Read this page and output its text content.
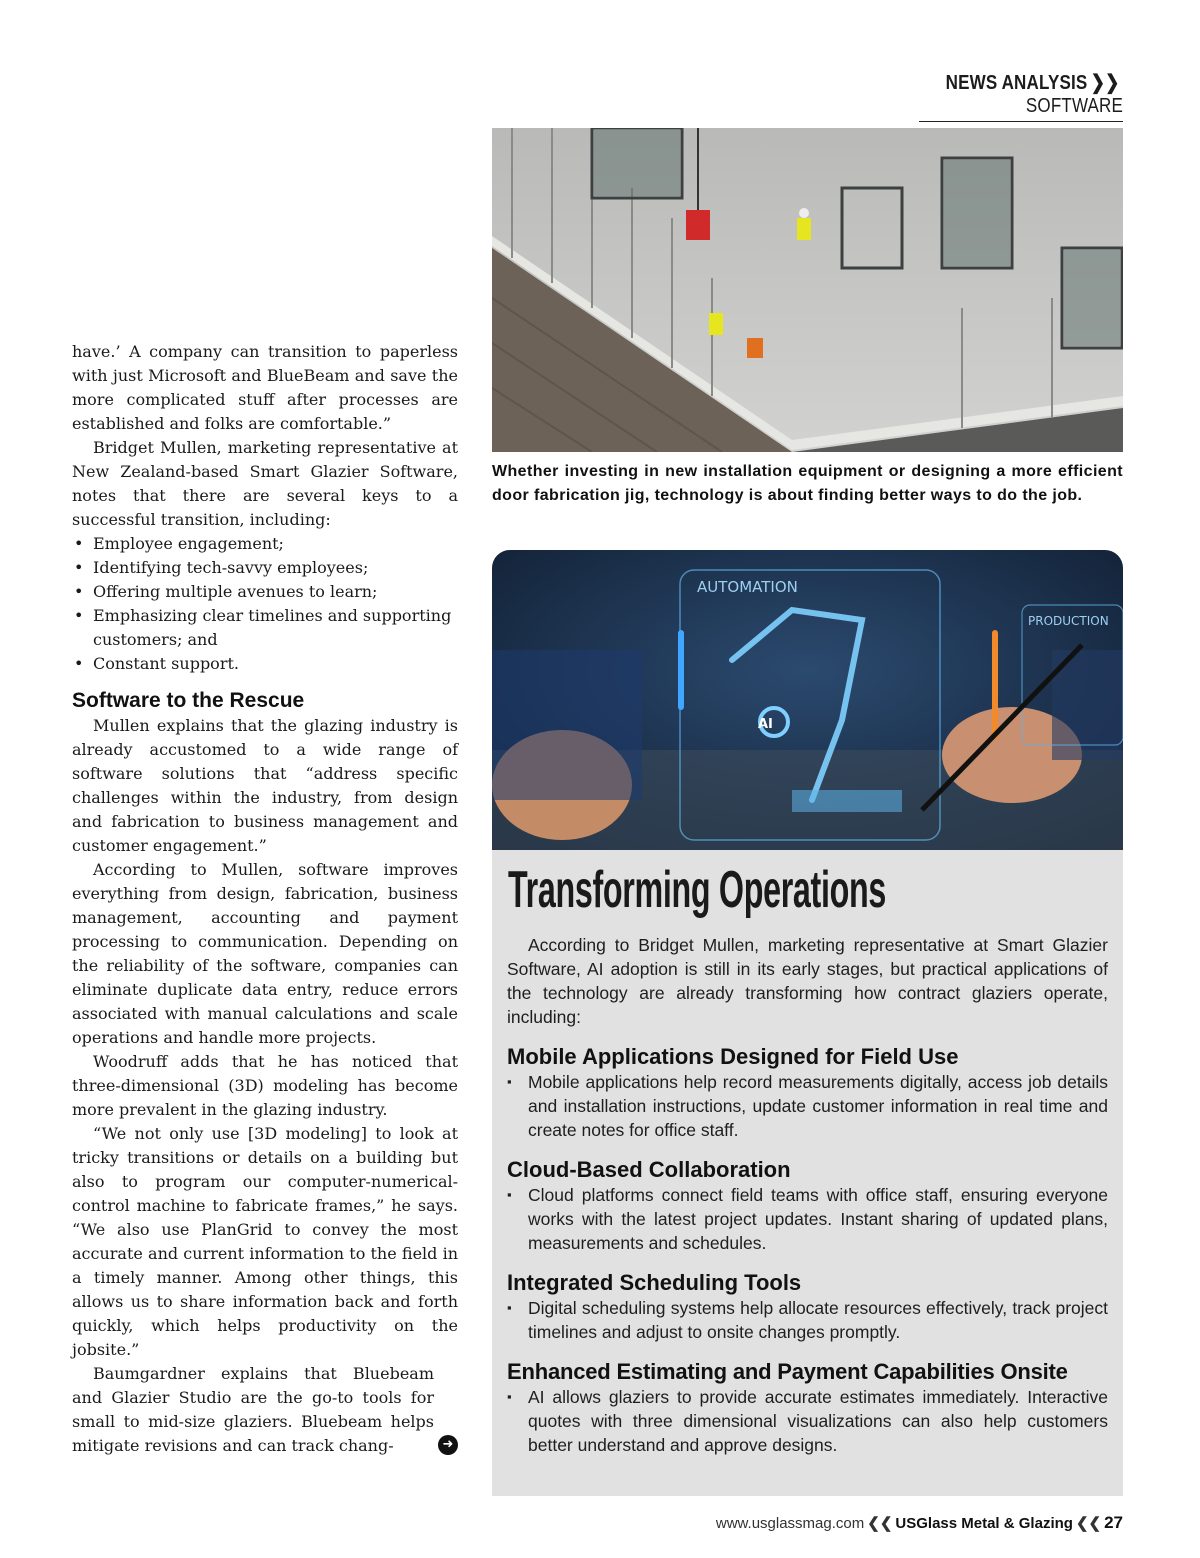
NEWS ANALYSIS ❯❯SOFTWARE

have.’ A company can transition to paperless with just Microsoft and BlueBeam and save the more complicated stuff after processes are established and folks are comfortable.”

Bridget Mullen, marketing representative at New Zealand-based Smart Glazier Software, notes that there are several keys to a successful transition, including:

• Employee engagement;
• Identifying tech-savvy employees;
• Offering multiple avenues to learn;
• Emphasizing clear timelines and supporting customers; and
• Constant support.
Software to the Rescue

Mullen explains that the glazing industry is already accustomed to a wide range of software solutions that “address specific challenges within the industry, from design and fabrication to business management and customer engagement.”

According to Mullen, software improves everything from design, fabrication, business management, accounting and payment processing to communication. Depending on the reliability of the software, companies can eliminate duplicate data entry, reduce errors associated with manual calculations and scale operations and handle more projects.

Woodruff adds that he has noticed that three-dimensional (3D) modeling has become more prevalent in the glazing industry.

“We not only use [3D modeling] to look at tricky transitions or details on a building but also to program our computer-numerical-control machine to fabricate frames,” he says. “We also use PlanGrid to convey the most accurate and current information to the field in a timely manner. Among other things, this allows us to share information back and forth quickly, which helps productivity on the jobsite.”

Baumgardner explains that Bluebeam and Glazier Studio are the go-to tools for small to mid-size glaziers. Bluebeam helps mitigate revisions and can track chang-	➜
Whether investing in new installation equipment or designing a more efficient door fabrication jig, technology is about finding better ways to do the job.
AI
AUTOMATION
PRODUCTION
Transforming Operations

According to Bridget Mullen, marketing representative at Smart Glazier Software, AI adoption is still in its early stages, but practical applications of the technology are already transforming how contract glaziers operate, including:

Mobile Applications Designed for Field Use

▪ Mobile applications help record measurements digitally, access job details and installation instructions, update customer information in real time and create notes for office staff.

Cloud-Based Collaboration

▪ Cloud platforms connect field teams with office staff, ensuring everyone works with the latest project updates. Instant sharing of updated plans, measurements and schedules.

Integrated Scheduling Tools

▪ Digital scheduling systems help allocate resources effectively, track project timelines and adjust to onsite changes promptly.

Enhanced Estimating and Payment Capabilities Onsite

▪ AI allows glaziers to provide accurate estimates immediately. Interactive quotes with three dimensional visualizations can also help customers better understand and approve designs.

www.usglassmag.com ❮❮ USGlass Metal & Glazing ❮❮ 27
